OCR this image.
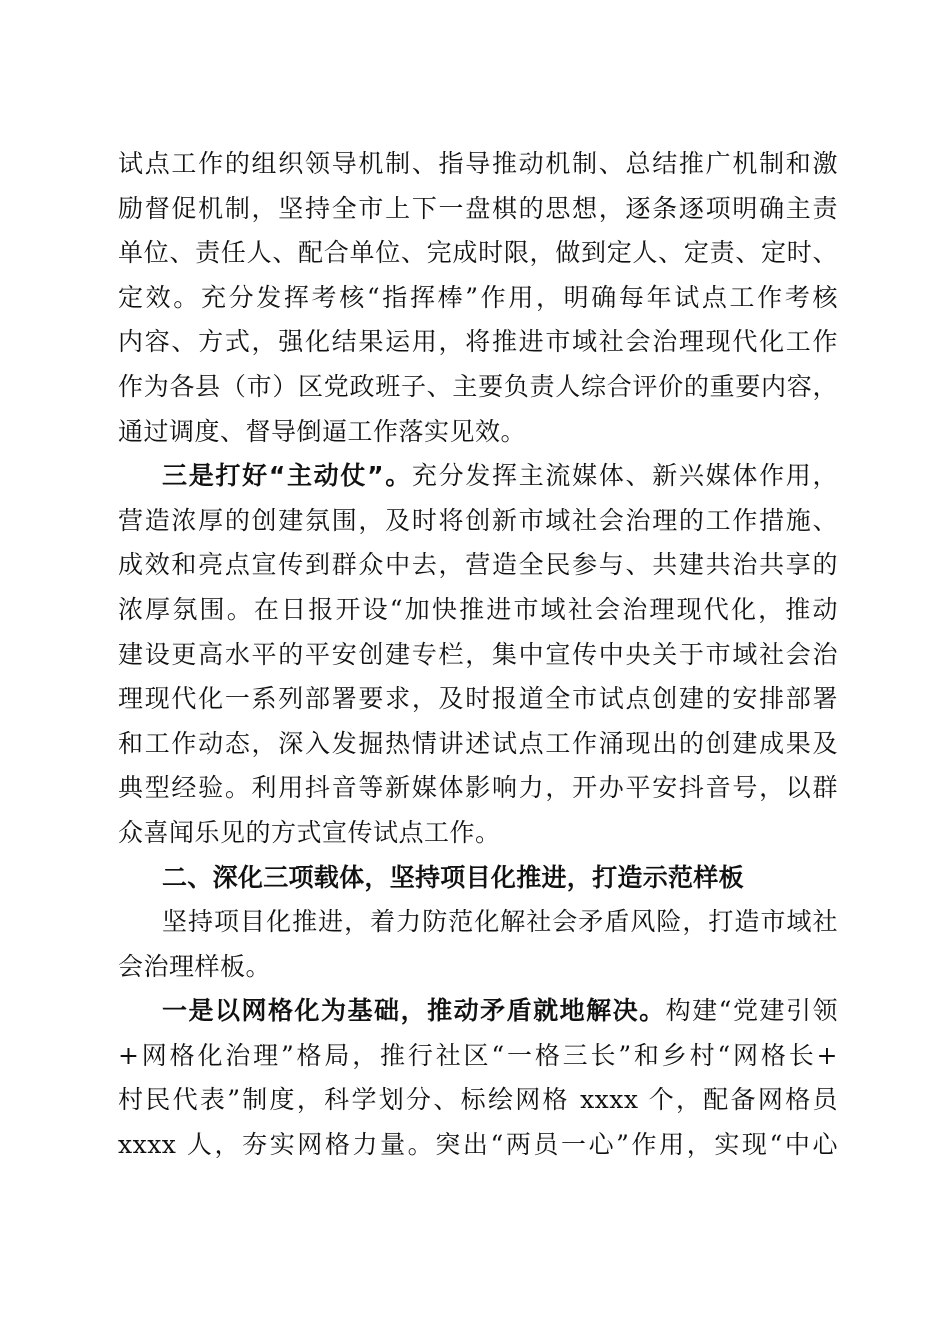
试点工作的组织领导机制、指导推动机制、总结推广机制和激
励督促机制，坚持全市上下一盘棋的思想，逐条逐项明确主责
单位、责任人、配合单位、完成时限，做到定人、定责、定时、
定效。充分发挥考核“指挥棒”作用，明确每年试点工作考核
内容、方式，强化结果运用，将推进市域社会治理现代化工作
作为各县（市）区党政班子、主要负责人综合评价的重要内容，
通过调度、督导倒逼工作落实见效。
三是打好“主动仗”。充分发挥主流媒体、新兴媒体作用，
营造浓厚的创建氛围，及时将创新市域社会治理的工作措施、
成效和亮点宣传到群众中去，营造全民参与、共建共治共享的
浓厚氛围。在日报开设“加快推进市域社会治理现代化，推动
建设更高水平的平安创建专栏，集中宣传中央关于市域社会治
理现代化一系列部署要求，及时报道全市试点创建的安排部署
和工作动态，深入发掘热情讲述试点工作涌现出的创建成果及
典型经验。利用抖音等新媒体影响力，开办平安抖音号，以群
众喜闻乐见的方式宣传试点工作。
二、深化三项载体，坚持项目化推进，打造示范样板
坚持项目化推进，着力防范化解社会矛盾风险，打造市域社
会治理样板。
一是以网格化为基础，推动矛盾就地解决。构建“党建引领
+网格化治理”格局，推行社区“一格三长”和乡村“网格长+
村民代表”制度，科学划分、标绘网格 xxxx 个，配备网格员
xxxx 人，夯实网格力量。突出“两员一心”作用，实现“中心
